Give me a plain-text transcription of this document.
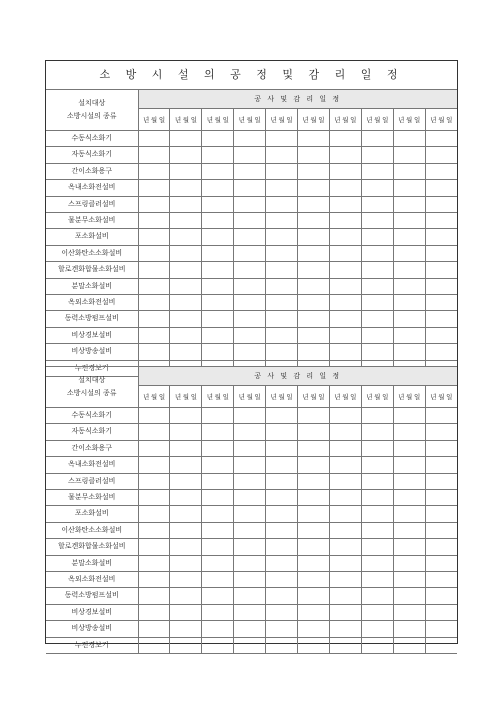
소 방 시 설 의 공 정 및 감 리 일 정
설치대상
소방시설의 종류	공 사 및 감 리 일 정									
	년 월 일	년 월 일	년 월 일	년 월 일	년 월 일	년 월 일	년 월 일	년 월 일	년 월 일	년 월 일
수동식소화기										
자동식소화기										
간이소화용구										
옥내소화전설비										
스프링클러설비										
물분무소화설비										
포소화설비										
이산화탄소소화설비										
할로겐화합물소화설비										
분말소화설비										
옥외소화전설비										
동력소방펌프설비										
비상경보설비										
비상방송설비										
누전경보기										
설치대상
소방시설의 종류	공 사 및 감 리 일 정									
	년 월 일	년 월 일	년 월 일	년 월 일	년 월 일	년 월 일	년 월 일	년 월 일	년 월 일	년 월 일
수동식소화기										
자동식소화기										
간이소화용구										
옥내소화전설비										
스프링클러설비										
물분무소화설비										
포소화설비										
이산화탄소소화설비										
할로겐화합물소화설비										
분말소화설비										
옥외소화전설비										
동력소방펌프설비										
비상경보설비										
비상방송설비										
누전경보기										
